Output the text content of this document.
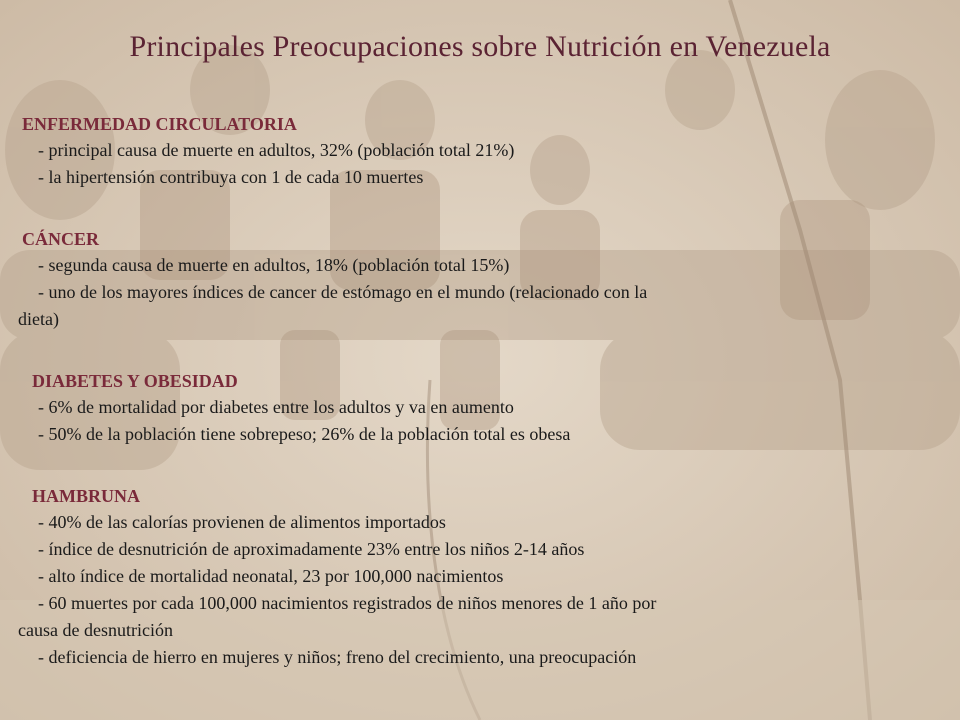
Principales Preocupaciones sobre Nutrición en Venezuela
ENFERMEDAD CIRCULATORIA
- principal causa de muerte en adultos, 32% (población total 21%)
- la hipertensión contribuya con 1 de cada 10 muertes
CÁNCER
- segunda causa de muerte en adultos, 18% (población total 15%)
- uno de los mayores índices de cancer de estómago en el mundo (relacionado con la
dieta)
DIABETES Y OBESIDAD
- 6% de mortalidad por diabetes entre los adultos y va en aumento
- 50% de la población tiene sobrepeso; 26% de la población total es obesa
HAMBRUNA
- 40% de las calorías provienen de alimentos importados
- índice de desnutrición de aproximadamente 23% entre los niños 2-14 años
- alto índice de mortalidad neonatal, 23 por 100,000 nacimientos
- 60 muertes por cada 100,000 nacimientos registrados de niños menores de 1 año por
causa de desnutrición
- deficiencia de hierro en mujeres y niños; freno del crecimiento, una preocupación
